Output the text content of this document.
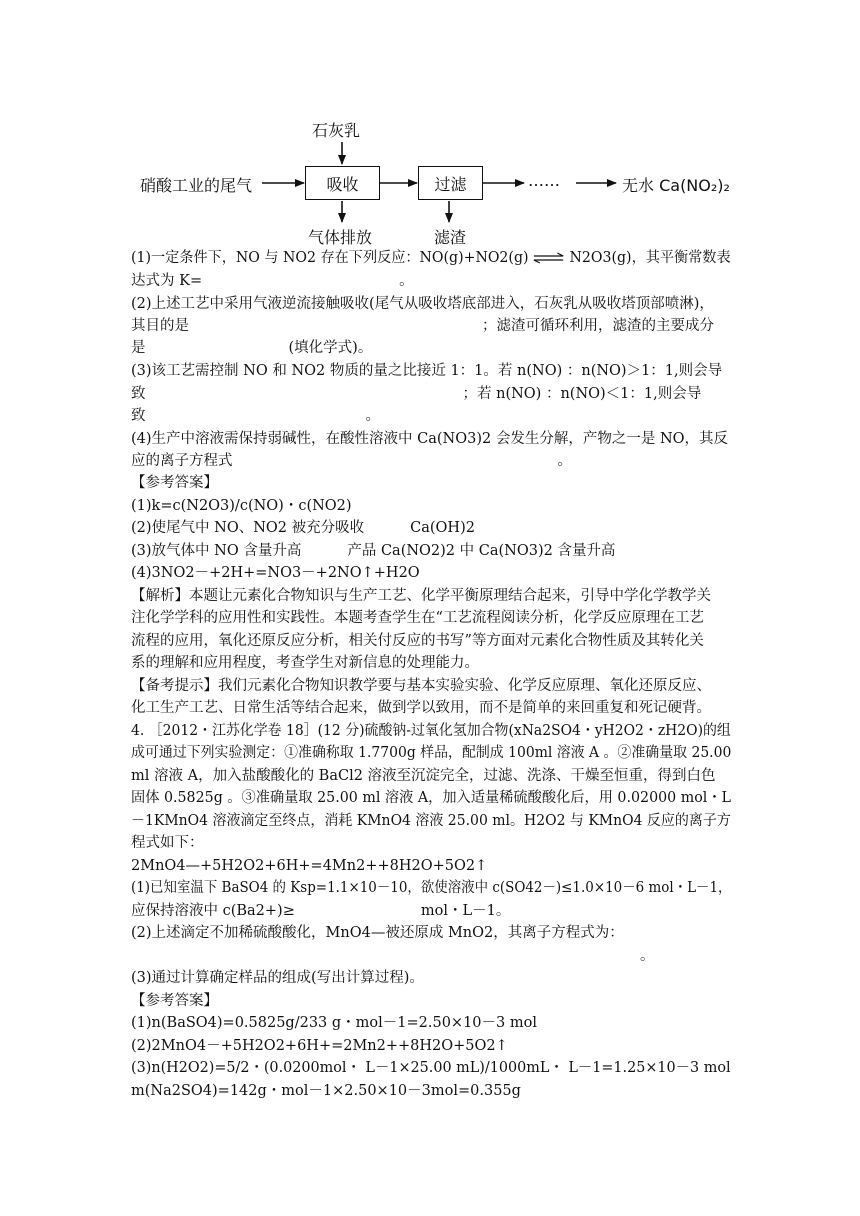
硝酸工业的尾气
石灰乳
吸收	过滤	……	无水 Ca(NO₂)₂
气体排放	滤渣
(1)一定条件下，NO 与 NO2 存在下列反应：NO(g)+NO2(g) ⇌ N2O3(g)，其平衡常数表
达式为 K=	。
(2)上述工艺中采用气液逆流接触吸收(尾气从吸收塔底部进入，石灰乳从吸收塔顶部喷淋)，
其目的是	；滤渣可循环利用，滤渣的主要成分
是	(填化学式)。
(3)该工艺需控制 NO 和 NO2 物质的量之比接近 1：1。若 n(NO) ：n(NO)＞1：1,则会导
致	；若 n(NO) ：n(NO)＜1：1,则会导
致	。
(4)生产中溶液需保持弱碱性，在酸性溶液中 Ca(NO3)2 会发生分解，产物之一是 NO，其反
应的离子方程式	。
【参考答案】
(1)k=c(N2O3)/c(NO)・c(NO2)
(2)使尾气中 NO、NO2 被充分吸收	Ca(OH)2
(3)放气体中 NO 含量升高	产品 Ca(NO2)2 中 Ca(NO3)2 含量升高
(4)3NO2－+2H+=NO3－+2NO↑+H2O
【解析】本题让元素化合物知识与生产工艺、化学平衡原理结合起来，引导中学化学教学关
注化学学科的应用性和实践性。本题考查学生在“工艺流程阅读分析，化学反应原理在工艺
流程的应用，氧化还原反应分析，相关付反应的书写”等方面对元素化合物性质及其转化关
系的理解和应用程度，考查学生对新信息的处理能力。
【备考提示】我们元素化合物知识教学要与基本实验实验、化学反应原理、氧化还原反应、
化工生产工艺、日常生活等结合起来，做到学以致用，而不是简单的来回重复和死记硬背。
4. ［2012・江苏化学卷 18］(12 分)硫酸钠-过氧化氢加合物(xNa2SO4・yH2O2・zH2O)的组
成可通过下列实验测定：①准确称取 1.7700g 样品，配制成 100ml 溶液 A 。②准确量取 25.00
ml 溶液 A，加入盐酸酸化的 BaCl2 溶液至沉淀完全，过滤、洗涤、干燥至恒重，得到白色
固体 0.5825g 。③准确量取 25.00 ml 溶液 A，加入适量稀硫酸酸化后，用 0.02000 mol・L
－1KMnO4 溶液滴定至终点，消耗 KMnO4 溶液 25.00 ml。H2O2 与 KMnO4 反应的离子方
程式如下：
2MnO4—+5H2O2+6H+=4Mn2++8H2O+5O2↑
(1)已知室温下 BaSO4 的 Ksp=1.1×10－10，欲使溶液中 c(SO42－)≤1.0×10－6 mol・L－1，
应保持溶液中 c(Ba2+)≥	mol・L－1。
(2)上述滴定不加稀硫酸酸化，MnO4—被还原成 MnO2，其离子方程式为：
。
(3)通过计算确定样品的组成(写出计算过程)。
【参考答案】
(1)n(BaSO4)=0.5825g/233 g・mol－1=2.50×10－3 mol
(2)2MnO4－+5H2O2+6H+=2Mn2++8H2O+5O2↑
(3)n(H2O2)=5/2・(0.0200mol・ L－1×25.00 mL)/1000mL・ L－1=1.25×10－3 mol
m(Na2SO4)=142g・mol－1×2.50×10－3mol=0.355g
